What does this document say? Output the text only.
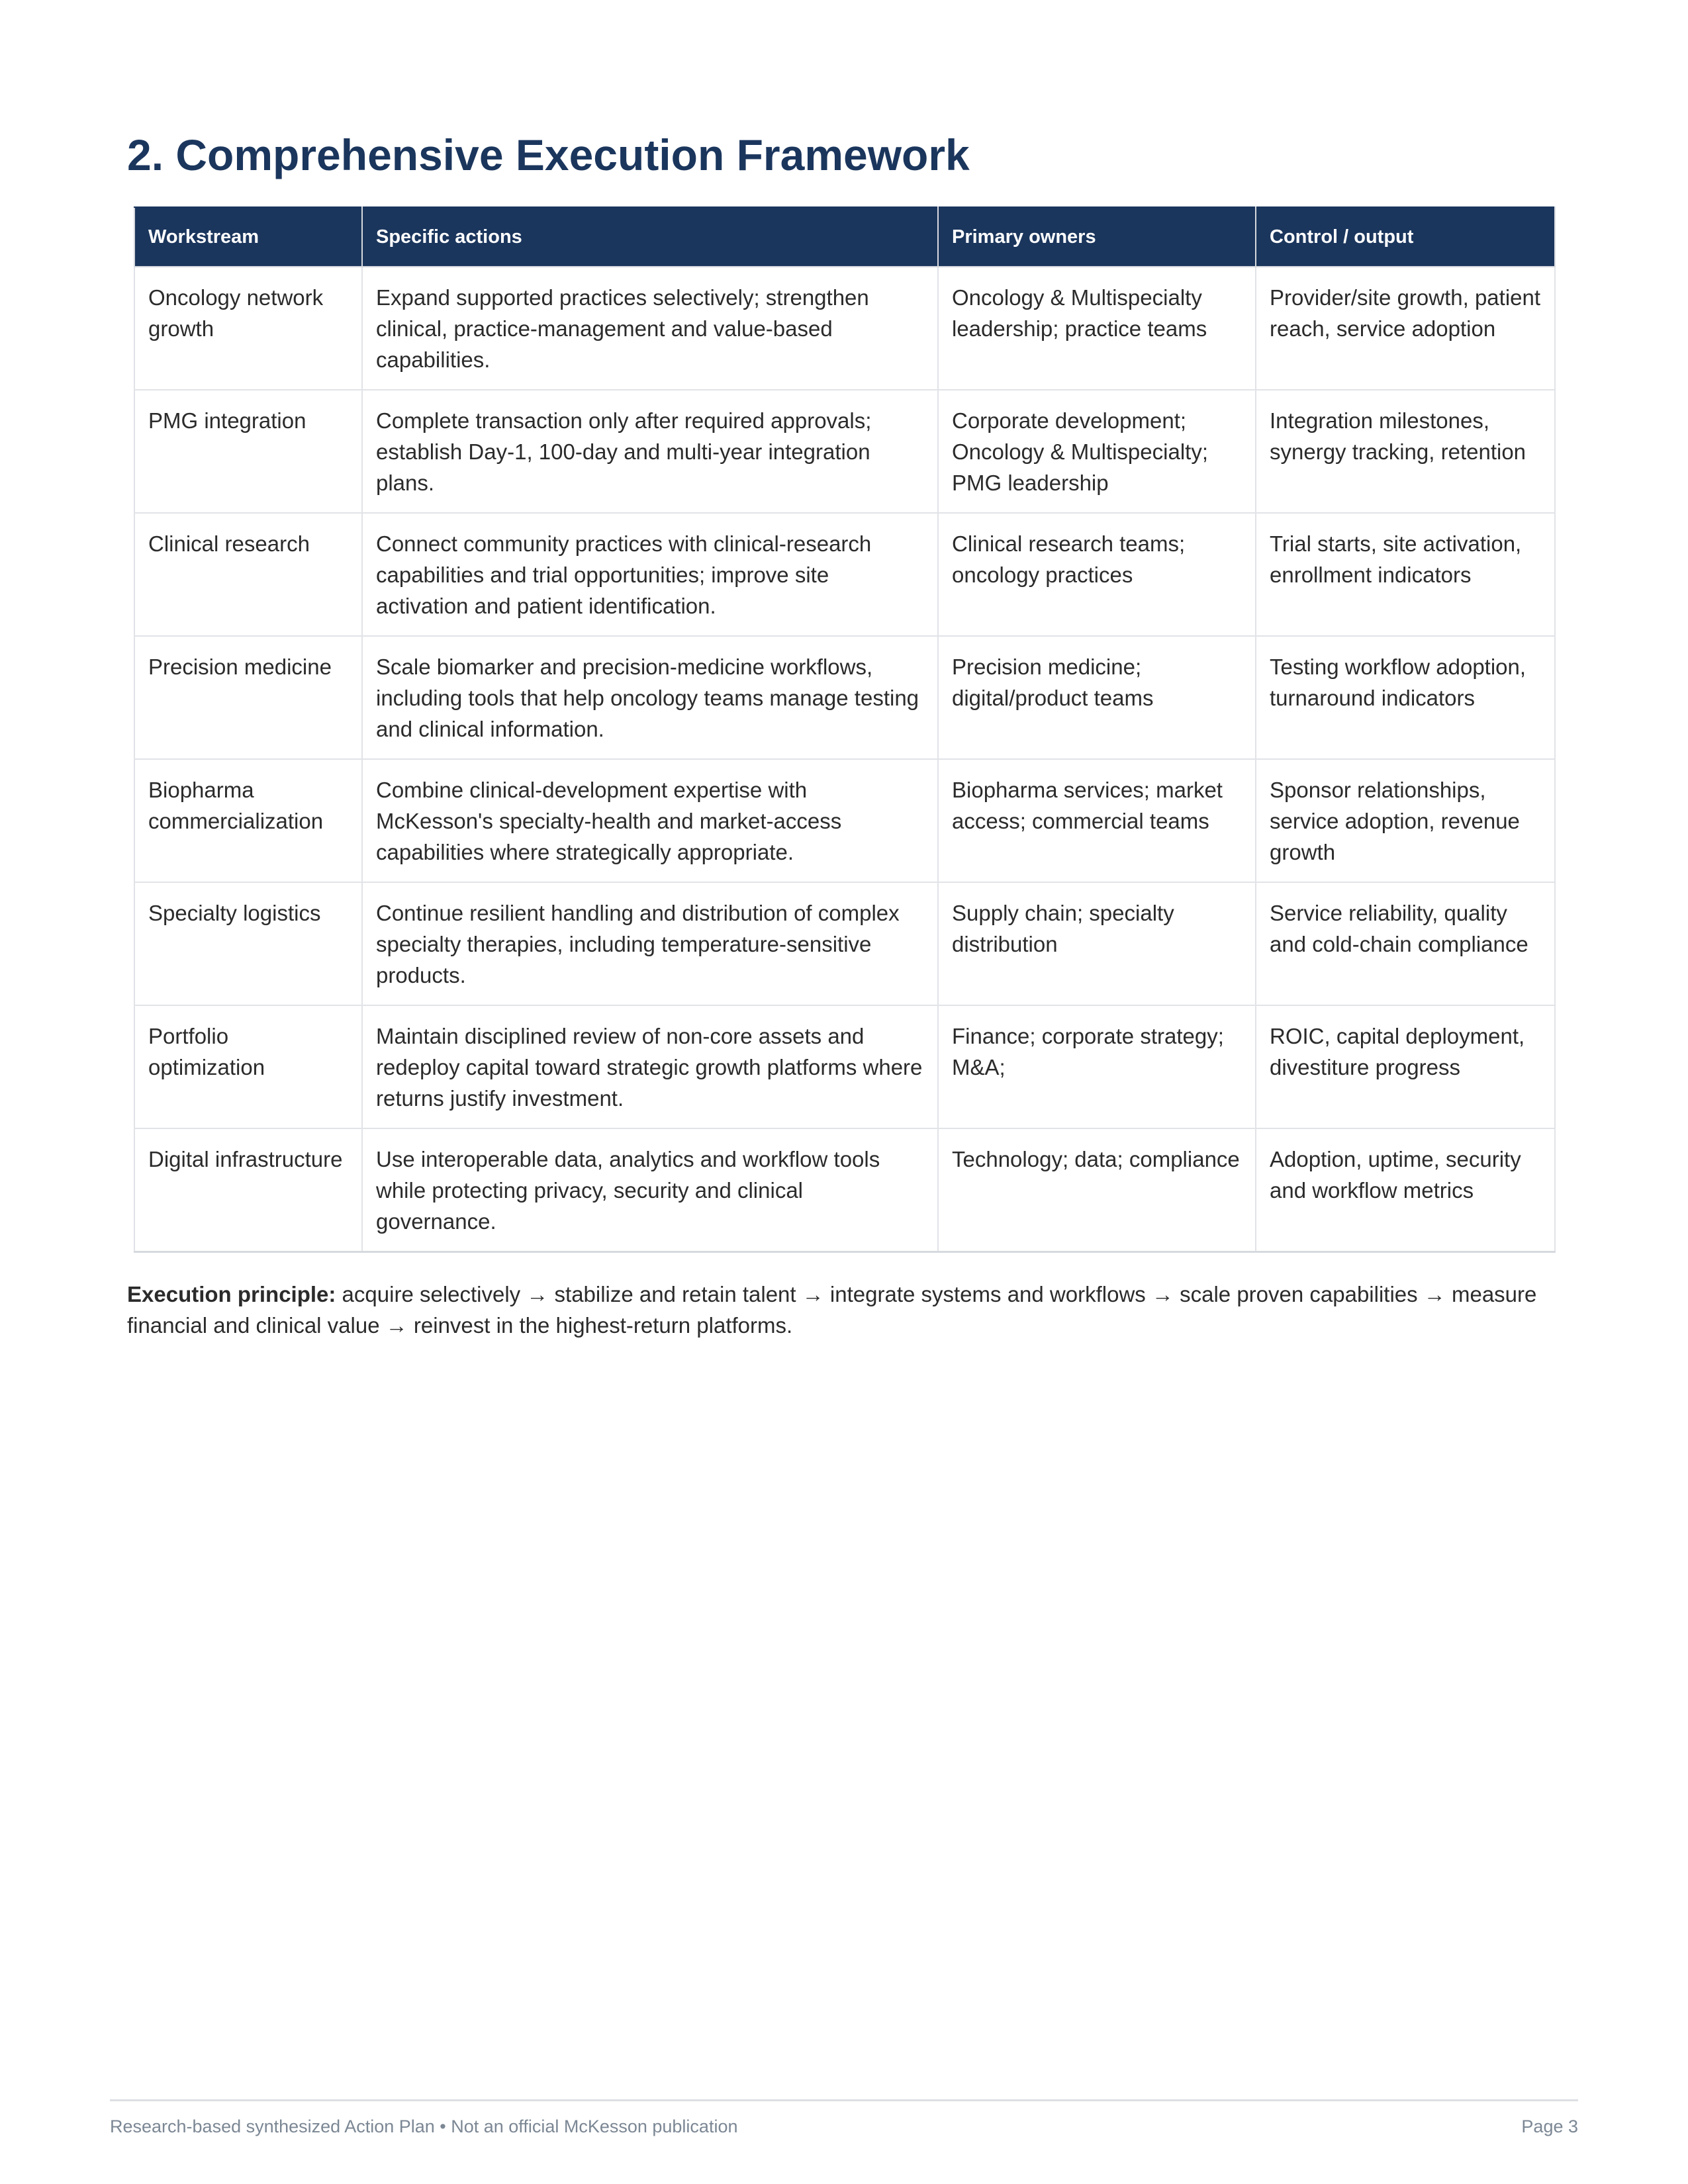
2. Comprehensive Execution Framework
Workstream	Specific actions	Primary owners	Control / output
Oncology network growth	Expand supported practices selectively; strengthen clinical, practice-management and value-based capabilities.	Oncology & Multispecialty leadership; practice teams	Provider/site growth, patient reach, service adoption
PMG integration	Complete transaction only after required approvals; establish Day-1, 100-day and multi-year integration plans.	Corporate development; Oncology & Multispecialty; PMG leadership	Integration milestones, synergy tracking, retention
Clinical research	Connect community practices with clinical-research capabilities and trial opportunities; improve site activation and patient identification.	Clinical research teams; oncology practices	Trial starts, site activation, enrollment indicators
Precision medicine	Scale biomarker and precision-medicine workflows, including tools that help oncology teams manage testing and clinical information.	Precision medicine; digital/product teams	Testing workflow adoption, turnaround indicators
Biopharma commercialization	Combine clinical-development expertise with McKesson's specialty-health and market-access capabilities where strategically appropriate.	Biopharma services; market access; commercial teams	Sponsor relationships, service adoption, revenue growth
Specialty logistics	Continue resilient handling and distribution of complex specialty therapies, including temperature-sensitive products.	Supply chain; specialty distribution	Service reliability, quality and cold-chain compliance
Portfolio optimization	Maintain disciplined review of non-core assets and redeploy capital toward strategic growth platforms where returns justify investment.	Finance; corporate strategy; M&A;	ROIC, capital deployment, divestiture progress
Digital infrastructure	Use interoperable data, analytics and workflow tools while protecting privacy, security and clinical governance.	Technology; data; compliance	Adoption, uptime, security and workflow metrics

Execution principle: acquire selectively → stabilize and retain talent → integrate systems and workflows → scale proven capabilities → measure financial and clinical value → reinvest in the highest-return platforms.

Research-based synthesized Action Plan • Not an official McKesson publication	Page 3
